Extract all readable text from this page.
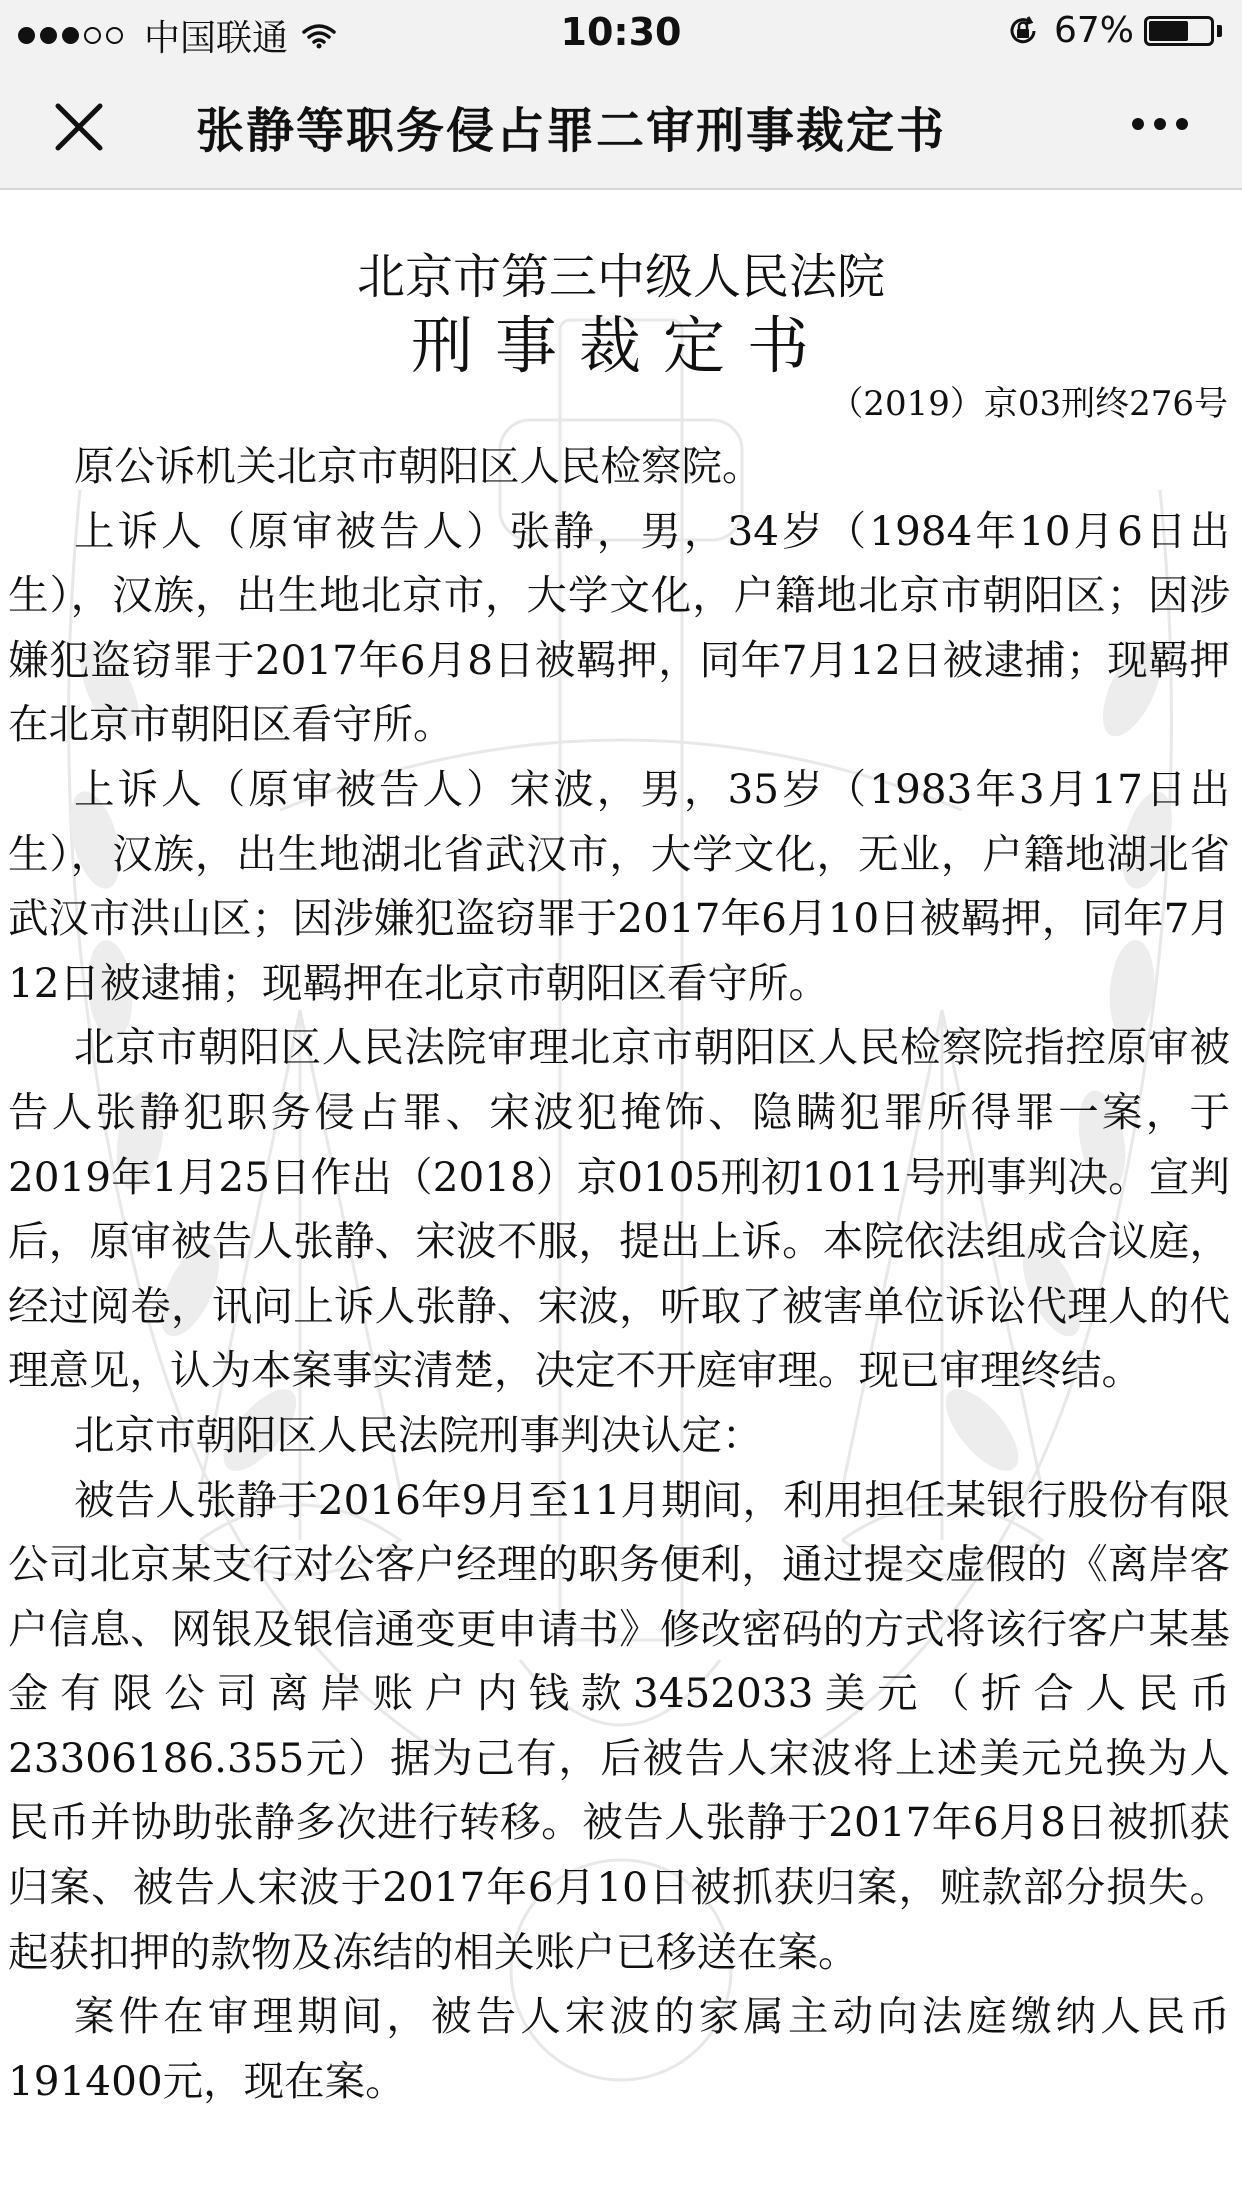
中国联通	10:30	67%
张静等职务侵占罪二审刑事裁定书
北京市第三中级人民法院
刑事裁定书
（2019）京03刑终276号

原公诉机关北京市朝阳区人民检察院。

上诉人（原审被告人）张静，男，34岁（1984年10月6日出生），汉族，出生地北京市，大学文化，户籍地北京市朝阳区；因涉嫌犯盗窃罪于2017年6月8日被羁押，同年7月12日被逮捕；现羁押在北京市朝阳区看守所。

上诉人（原审被告人）宋波，男，35岁（1983年3月17日出生），汉族，出生地湖北省武汉市，大学文化，无业，户籍地湖北省武汉市洪山区；因涉嫌犯盗窃罪于2017年6月10日被羁押，同年7月12日被逮捕；现羁押在北京市朝阳区看守所。

北京市朝阳区人民法院审理北京市朝阳区人民检察院指控原审被告人张静犯职务侵占罪、宋波犯掩饰、隐瞒犯罪所得罪一案，于2019年1月25日作出（2018）京0105刑初1011号刑事判决。宣判后，原审被告人张静、宋波不服，提出上诉。本院依法组成合议庭，经过阅卷，讯问上诉人张静、宋波，听取了被害单位诉讼代理人的代理意见，认为本案事实清楚，决定不开庭审理。现已审理终结。

北京市朝阳区人民法院刑事判决认定：

被告人张静于2016年9月至11月期间，利用担任某银行股份有限公司北京某支行对公客户经理的职务便利，通过提交虚假的《离岸客户信息、网银及银信通变更申请书》修改密码的方式将该行客户某基金有限公司离岸账户内钱款3452033美元（折合人民币23306186.355元）据为己有，后被告人宋波将上述美元兑换为人民币并协助张静多次进行转移。被告人张静于2017年6月8日被抓获归案、被告人宋波于2017年6月10日被抓获归案，赃款部分损失。起获扣押的款物及冻结的相关账户已移送在案。

案件在审理期间，被告人宋波的家属主动向法庭缴纳人民币191400元，现在案。
